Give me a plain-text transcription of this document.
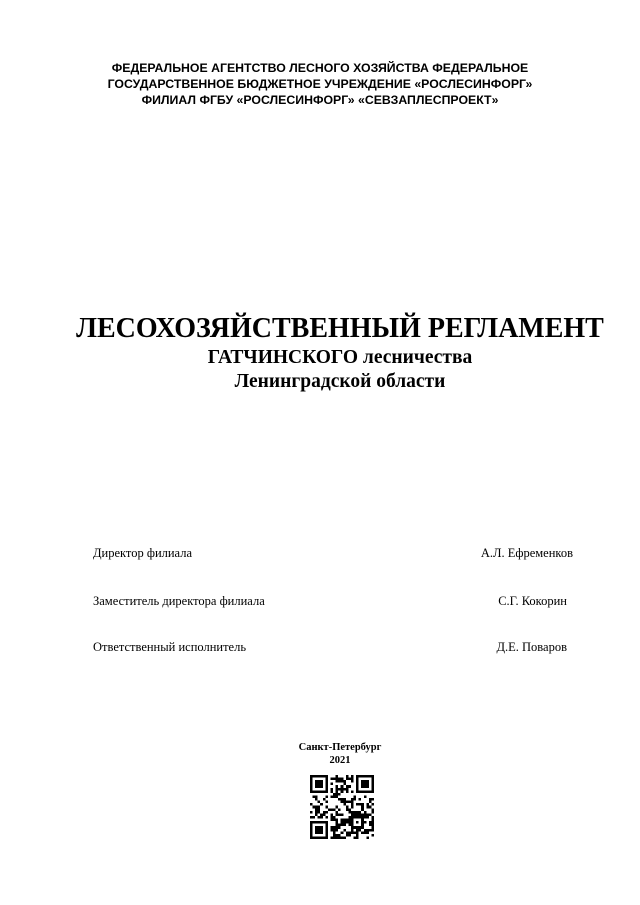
ФЕДЕРАЛЬНОЕ АГЕНТСТВО ЛЕСНОГО ХОЗЯЙСТВА ФЕДЕРАЛЬНОЕ
ГОСУДАРСТВЕННОЕ БЮДЖЕТНОЕ УЧРЕЖДЕНИЕ «РОСЛЕСИНФОРГ»
ФИЛИАЛ ФГБУ «РОСЛЕСИНФОРГ» «СЕВЗАПЛЕСПРОЕКТ»
ЛЕСОХОЗЯЙСТВЕННЫЙ РЕГЛАМЕНТ
ГАТЧИНСКОГО лесничества
Ленинградской области
Директор филиала	А.Л. Ефременков
Заместитель директора филиала	С.Г. Кокорин
Ответственный исполнитель	Д.Е. Поваров
Санкт-Петербург
2021
